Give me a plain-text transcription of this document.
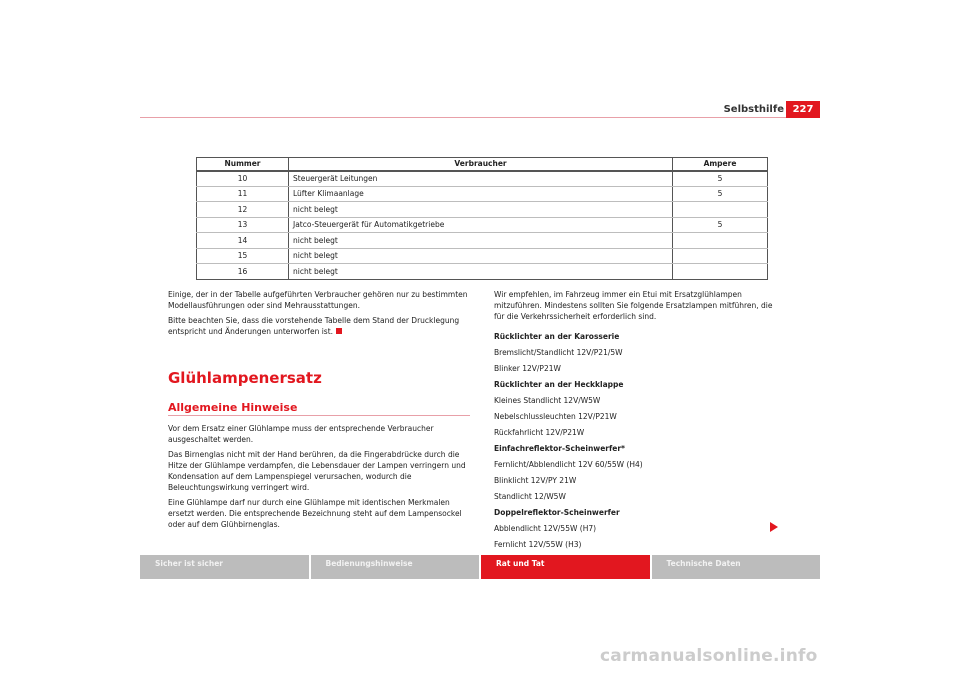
Selbsthilfe 227
Nummer	Verbraucher	Ampere
10	Steuergerät Leitungen	5
11	Lüfter Klimaanlage	5
12	nicht belegt	
13	Jatco-Steuergerät für Automatikgetriebe	5
14	nicht belegt	
15	nicht belegt	
16	nicht belegt	

Einige, der in der Tabelle aufgeführten Verbraucher gehören nur zu bestimmten Modellausführungen oder sind Mehrausstattungen.

Bitte beachten Sie, dass die vorstehende Tabelle dem Stand der Drucklegung entspricht und Änderungen unterworfen ist.

Glühlampenersatz
Allgemeine Hinweise

Vor dem Ersatz einer Glühlampe muss der entsprechende Verbraucher ausgeschaltet werden.

Das Birnenglas nicht mit der Hand berühren, da die Fingerabdrücke durch die Hitze der Glühlampe verdampfen, die Lebensdauer der Lampen verringern und Kondensation auf dem Lampenspiegel verursachen, wodurch die Beleuchtungswirkung verringert wird.

Eine Glühlampe darf nur durch eine Glühlampe mit identischen Merkmalen ersetzt werden. Die entsprechende Bezeichnung steht auf dem Lampensockel oder auf dem Glühbirnenglas.

Wir empfehlen, im Fahrzeug immer ein Etui mit Ersatzglühlampen mitzuführen. Mindestens sollten Sie folgende Ersatzlampen mitführen, die für die Verkehrssicherheit erforderlich sind.

Rücklichter an der Karosserie

Bremslicht/Standlicht 12V/P21/5W

Blinker 12V/P21W

Rücklichter an der Heckklappe

Kleines Standlicht 12V/W5W

Nebelschlussleuchten 12V/P21W

Rückfahrlicht 12V/P21W

Einfachreflektor-Scheinwerfer*

Fernlicht/Abblendlicht 12V 60/55W (H4)

Blinklicht 12V/PY 21W

Standlicht 12/W5W

Doppelreflektor-Scheinwerfer

Abblendlicht 12V/55W (H7)

Fernlicht 12V/55W (H3)

Sicher ist sicher	Bedienungshinweise	Rat und Tat	Technische Daten
carmanualsonline.info
